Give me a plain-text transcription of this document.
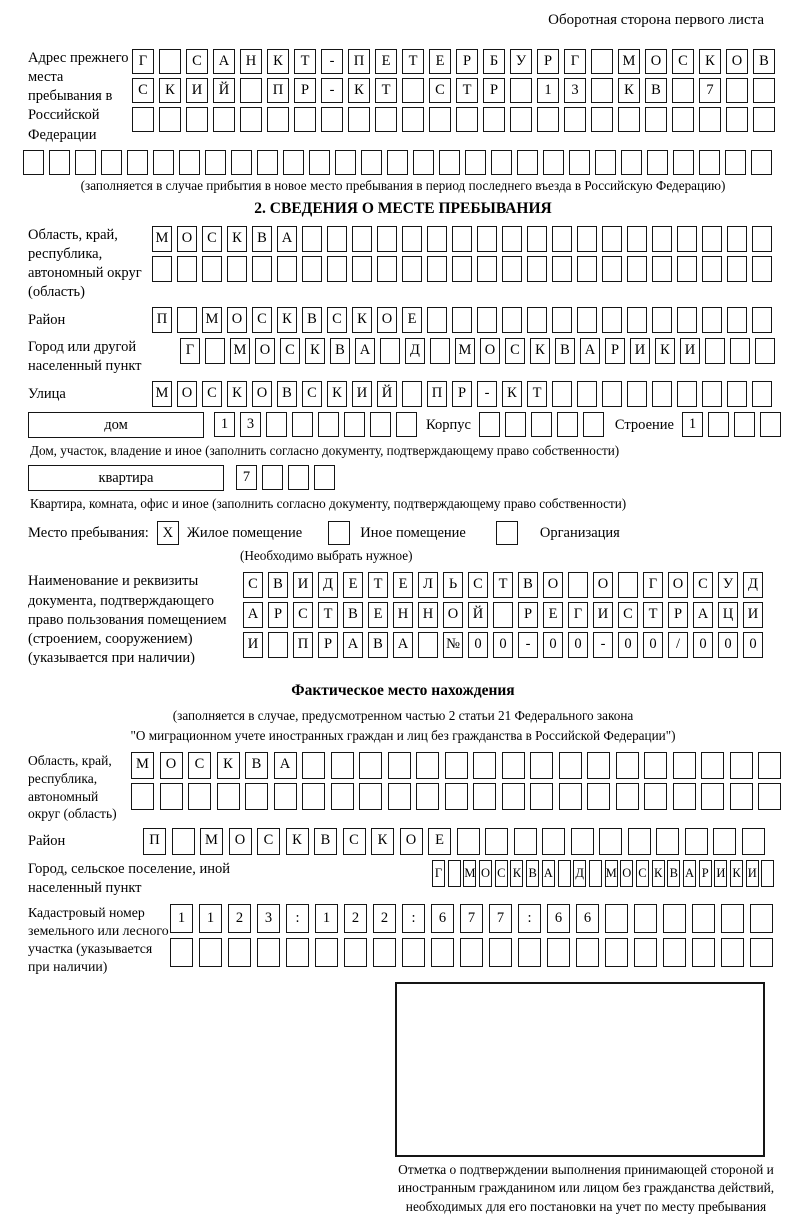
Оборотная сторона первого листа
Адрес прежнего места пребывания в Российской Федерации
Г	С	А	Н	К	Т	-	П	Е	Т	Е	Р	Б	У	Р	Г	М	О	С	К	О	В
С	К	И	Й	П	Р	-	К	Т	С	Т	Р	1	3	К	В	7
(заполняется в случае прибытия в новое место пребывания в период последнего въезда в Российскую Федерацию)
2. СВЕДЕНИЯ О МЕСТЕ ПРЕБЫВАНИЯ
Область, край, республика, автономный округ (область)
М О	С	К	В	А
Район	П	М О	С	К	В	С	К	О	Е
Город или другой населенный пункт
Г	М О	С	К	В	А	Д	М О	С	К	В	А	Р	И	К	И
Улица	М О	С	К	О	В	С	К	И	Й	П	Р	-	К	Т
дом	1	3	Корпус	Строение	1
Дом, участок, владение и иное (заполнить согласно документу, подтверждающему право собственности)
квартира	7
Квартира, комната, офис и иное (заполнить согласно документу, подтверждающему право собственности)
Место пребывания: X Жилое помещение	Иное помещение	Организация
(Необходимо выбрать нужное)
Наименование и реквизиты документа, подтверждающего право пользования помещением (строением, сооружением) (указывается при наличии)
С	В	И	Д	Е	Т	Е	Л	Ь	С	Т	В	О	О	Г	О	С	У	Д
А	Р	С	Т	В	Е	Н	Н	О	Й	Р	Е	Г	И	С	Т	Р	А	Ц	И
И	П	Р	А	В	А	№ 0	0	-	0	0	-	0	0	/	0	0	0
Фактическое место нахождения
(заполняется в случае, предусмотренном частью 2 статьи 21 Федерального закона
"О миграционном учете иностранных граждан и лиц без гражданства в Российской Федерации")
Область, край, республика, автономный округ (область)
М	О	С	К	В	А
Район	П	М	О	С	К	В	С	К	О	Е
Город, сельское поселение, иной населенный пункт
Г М О С К В А Д М О С К В А Р И К И
Кадастровый номер земельного или лесного участка (указывается при наличии)
1	1	2	3	:	1	2	2	:	6	7	7	:	6	6
Отметка о подтверждении выполнения принимающей стороной и иностранным гражданином или лицом без гражданства действий, необходимых для его постановки на учет по месту пребывания
